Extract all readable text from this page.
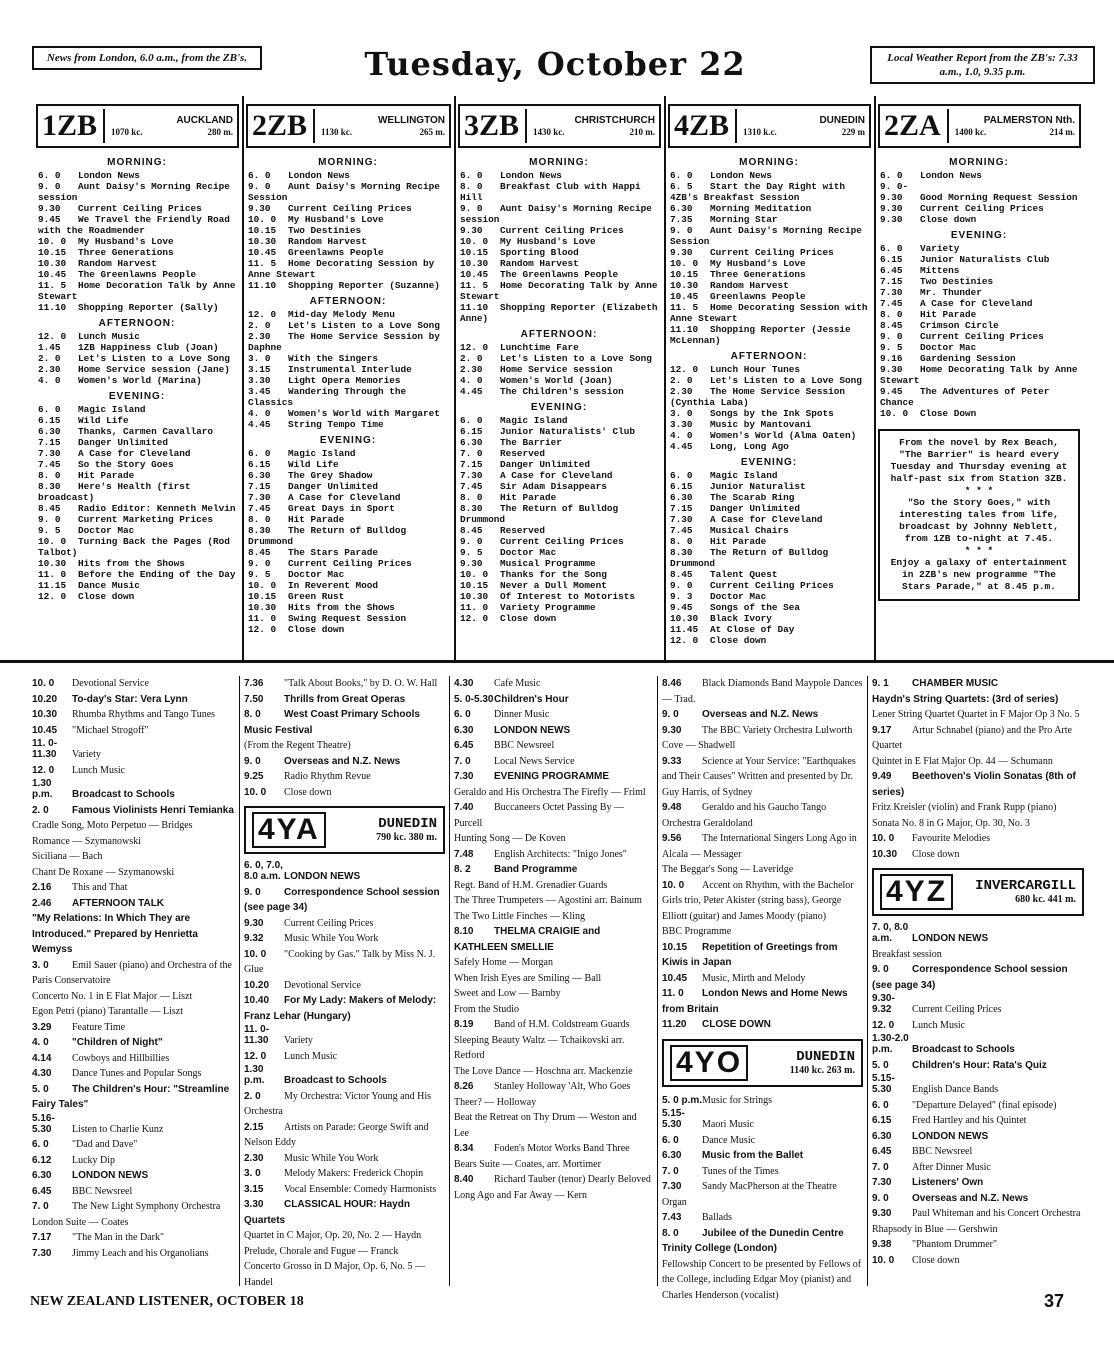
News from London, 6.0 a.m., from the ZB's.	Tuesday, October 22	Local Weather Report from the ZB's: 7.33 a.m., 1.0, 9.35 p.m.
1ZB	AUCKLAND
1070 kc.	280 m.
MORNING:

6. 0 London News

9. 0 Aunt Daisy's Morning Recipe session

9.30 Current Ceiling Prices

9.45 We Travel the Friendly Road with the Roadmender

10. 0 My Husband's Love

10.15 Three Generations

10.30 Random Harvest

10.45 The Greenlawns People

11. 5 Home Decoration Talk by Anne Stewart

11.10 Shopping Reporter (Sally)

AFTERNOON:

12. 0 Lunch Music

1.45 1ZB Happiness Club (Joan)

2. 0 Let's Listen to a Love Song

2.30 Home Service session (Jane)

4. 0 Women's World (Marina)

EVENING:

6. 0 Magic Island

6.15 Wild Life

6.30 Thanks, Carmen Cavallaro

7.15 Danger Unlimited

7.30 A Case for Cleveland

7.45 So the Story Goes

8. 0 Hit Parade

8.30 Here's Health (first broadcast)

8.45 Radio Editor: Kenneth Melvin

9. 0 Current Marketing Prices

9. 5 Doctor Mac

10. 0 Turning Back the Pages (Rod Talbot)

10.30 Hits from the Shows

11. 0 Before the Ending of the Day

11.15 Dance Music

12. 0 Close down

2ZB	WELLINGTON
1130 kc.	265 m.
MORNING:

6. 0 London News

9. 0 Aunt Daisy's Morning Recipe Session

9.30 Current Ceiling Prices

10. 0 My Husband's Love

10.15 Two Destinies

10.30 Random Harvest

10.45 Greenlawns People

11. 5 Home Decorating Session by Anne Stewart

11.10 Shopping Reporter (Suzanne)

AFTERNOON:

12. 0 Mid-day Melody Menu

2. 0 Let's Listen to a Love Song

2.30 The Home Service Session by Daphne

3. 0 With the Singers

3.15 Instrumental Interlude

3.30 Light Opera Memories

3.45 Wandering Through the Classics

4. 0 Women's World with Margaret

4.45 String Tempo Time

EVENING:

6. 0 Magic Island

6.15 Wild Life

6.30 The Grey Shadow

7.15 Danger Unlimited

7.30 A Case for Cleveland

7.45 Great Days in Sport

8. 0 Hit Parade

8.30 The Return of Bulldog Drummond

8.45 The Stars Parade

9. 0 Current Ceiling Prices

9. 5 Doctor Mac

10. 0 In Reverent Mood

10.15 Green Rust

10.30 Hits from the Shows

11. 0 Swing Request Session

12. 0 Close down

3ZB	CHRISTCHURCH
1430 kc.	210 m.
MORNING:

6. 0 London News

8. 0 Breakfast Club with Happi Hill

9. 0 Aunt Daisy's Morning Recipe session

9.30 Current Ceiling Prices

10. 0 My Husband's Love

10.15 Sporting Blood

10.30 Random Harvest

10.45 The Greenlawns People

11. 5 Home Decorating Talk by Anne Stewart

11.10 Shopping Reporter (Elizabeth Anne)

AFTERNOON:

12. 0 Lunchtime Fare

2. 0 Let's Listen to a Love Song

2.30 Home Service session

4. 0 Women's World (Joan)

4.45 The Children's session

EVENING:

6. 0 Magic Island

6.15 Junior Naturalists' Club

6.30 The Barrier

7. 0 Reserved

7.15 Danger Unlimited

7.30 A Case for Cleveland

7.45 Sir Adam Disappears

8. 0 Hit Parade

8.30 The Return of Bulldog Drummond

8.45 Reserved

9. 0 Current Ceiling Prices

9. 5 Doctor Mac

9.30 Musical Programme

10. 0 Thanks for the Song

10.15 Never a Dull Moment

10.30 Of Interest to Motorists

11. 0 Variety Programme

12. 0 Close down

4ZB	DUNEDIN
1310 k.c.	229 m
MORNING:

6. 0 London News

6. 5 Start the Day Right with 4ZB's Breakfast Session

6.30 Morning Meditation

7.35 Morning Star

9. 0 Aunt Daisy's Morning Recipe Session

9.30 Current Ceiling Prices

10. 0 My Husband's Love

10.15 Three Generations

10.30 Random Harvest

10.45 Greenlawns People

11. 5 Home Decorating Session with Anne Stewart

11.10 Shopping Reporter (Jessie McLennan)

AFTERNOON:

12. 0 Lunch Hour Tunes

2. 0 Let's Listen to a Love Song

2.30 The Home Service Session (Cynthia Laba)

3. 0 Songs by the Ink Spots

3.30 Music by Mantovani

4. 0 Women's World (Alma Oaten)

4.45 Long, Long Ago

EVENING:

6. 0 Magic Island

6.15 Junior Naturalist

6.30 The Scarab Ring

7.15 Danger Unlimited

7.30 A Case for Cleveland

7.45 Musical Chairs

8. 0 Hit Parade

8.30 The Return of Bulldog Drummond

8.45 Talent Quest

9. 0 Current Ceiling Prices

9. 3 Doctor Mac

9.45 Songs of the Sea

10.30 Black Ivory

11.45 At Close of Day

12. 0 Close down

2ZA	PALMERSTON Nth.
1400 kc.	214 m.
MORNING:

6. 0 London News

9. 0-9.30 Good Morning Request Session

9.30 Current Ceiling Prices

9.30 Close down

EVENING:

6. 0 Variety

6.15 Junior Naturalists Club

6.45 Mittens

7.15 Two Destinies

7.30 Mr. Thunder

7.45 A Case for Cleveland

8. 0 Hit Parade

8.45 Crimson Circle

9. 0 Current Ceiling Prices

9. 5 Doctor Mac

9.16 Gardening Session

9.30 Home Decorating Talk by Anne Stewart

9.45 The Adventures of Peter Chance

10. 0 Close Down

From the novel by Rex Beach, "The Barrier" is heard every Tuesday and Thursday evening at half-past six from Station 3ZB.
* * *
"So the Story Goes," with interesting tales from life, broadcast by Johnny Neblett, from 1ZB to-night at 7.45.
* * *
Enjoy a galaxy of entertainment in 2ZB's new programme "The Stars Parade," at 8.45 p.m.

10. 0 Devotional Service

10.20 To-day's Star: Vera Lynn

10.30 Rhumba Rhythms and Tango Tunes

10.45 "Michael Strogoff"

11. 0-11.30 Variety

12. 0 Lunch Music

1.30 p.m. Broadcast to Schools

2. 0 Famous Violinists Henri Temianka

Cradle Song, Moto Perpetuo — Bridges

Romance — Szymanowski

Siciliana — Bach

Chant De Roxane — Szymanowski

2.16 This and That

2.46 AFTERNOON TALK

"My Relations: In Which They are Introduced." Prepared by Henrietta Wemyss

3. 0 Emil Sauer (piano) and Orchestra of the Paris Conservatoire

Concerto No. 1 in E Flat Major — Liszt

Egon Petri (piano) Tarantalle — Liszt

3.29 Feature Time

4. 0 "Children of Night"

4.14 Cowboys and Hillbillies

4.30 Dance Tunes and Popular Songs

5. 0 The Children's Hour: "Streamline Fairy Tales"

5.16-5.30 Listen to Charlie Kunz

6. 0 "Dad and Dave"

6.12 Lucky Dip

6.30 LONDON NEWS

6.45 BBC Newsreel

7. 0 The New Light Symphony Orchestra

London Suite — Coates

7.17 "The Man in the Dark"

7.30 Jimmy Leach and his Organolians

7.36 "Talk About Books," by D. O. W. Hall

7.50 Thrills from Great Operas

8. 0 West Coast Primary Schools Music Festival

(From the Regent Theatre)

9. 0 Overseas and N.Z. News

9.25 Radio Rhythm Revue

10. 0 Close down

4YA	DUNEDIN
790 kc. 380 m.

6. 0, 7.0, 8.0 a.m. LONDON NEWS

9. 0 Correspondence School session (see page 34)

9.30 Current Ceiling Prices

9.32 Music While You Work

10. 0 "Cooking by Gas." Talk by Miss N. J. Glue

10.20 Devotional Service

10.40 For My Lady: Makers of Melody: Franz Lehar (Hungary)

11. 0-11.30 Variety

12. 0 Lunch Music

1.30 p.m. Broadcast to Schools

2. 0 My Orchestra: Victor Young and His Orchestra

2.15 Artists on Parade: George Swift and Nelson Eddy

2.30 Music While You Work

3. 0 Melody Makers: Frederick Chopin

3.15 Vocal Ensemble: Comedy Harmonists

3.30 CLASSICAL HOUR: Haydn Quartets

Quartet in C Major, Op. 20, No. 2 — Haydn

Prelude, Chorale and Fugue — Franck

Concerto Grosso in D Major, Op. 6, No. 5 — Handel

4.30 Cafe Music

5. 0-5.30Children's Hour

6. 0 Dinner Music

6.30 LONDON NEWS

6.45 BBC Newsreel

7. 0 Local News Service

7.30 EVENING PROGRAMME

Geraldo and His Orchestra The Firefly — Friml

7.40 Buccaneers Octet Passing By — Purcell

Hunting Song — De Koven

7.48 English Architects: "Inigo Jones"

8. 2 Band Programme

Regt. Band of H.M. Grenadier Guards

The Three Trumpeters — Agostini arr. Bainum

The Two Little Finches — Kling

8.10 THELMA CRAIGIE and KATHLEEN SMELLIE

Safely Home — Morgan

When Irish Eyes are Smiling — Ball

Sweet and Low — Barnby

From the Studio

8.19 Band of H.M. Coldstream Guards

Sleeping Beauty Waltz — Tchaikovski arr. Retford

The Love Dance — Hoschna arr. Mackenzie

8.26 Stanley Holloway 'Alt, Who Goes Theer? — Holloway

Beat the Retreat on Thy Drum — Weston and Lee

8.34 Foden's Motor Works Band Three Bears Suite — Coates, arr. Mortimer

8.40 Richard Tauber (tenor) Dearly Beloved

Long Ago and Far Away — Kern

8.46 Black Diamonds Band Maypole Dances — Trad.

9. 0 Overseas and N.Z. News

9.30 The BBC Variety Orchestra Lulworth Cove — Shadwell

9.33 Science at Your Service: "Earthquakes and Their Causes" Written and presented by Dr. Guy Harris, of Sydney

9.48 Geraldo and his Gaucho Tango Orchestra Geraldoland

9.56 The International Singers Long Ago in Alcala — Messager

The Beggar's Song — Laveridge

10. 0 Accent on Rhythm, with the Bachelor Girls trio, Peter Akister (string bass), George Elliott (guitar) and James Moody (piano)

BBC Programme

10.15 Repetition of Greetings from Kiwis in Japan

10.45 Music, Mirth and Melody

11. 0 London News and Home News from Britain

11.20 CLOSE DOWN

4YO	DUNEDIN
1140 kc. 263 m.

5. 0 p.m.Music for Strings

5.15-5.30 Maori Music

6. 0 Dance Music

6.30 Music from the Ballet

7. 0 Tunes of the Times

7.30 Sandy MacPherson at the Theatre Organ

7.43 Ballads

8. 0 Jubilee of the Dunedin Centre Trinity College (London)

Fellowship Concert to be presented by Fellows of the College, including Edgar Moy (pianist) and Charles Henderson (vocalist)

9. 1 CHAMBER MUSIC

Haydn's String Quartets: (3rd of series)

Lener String Quartet Quartet in F Major Op 3 No. 5

9.17 Artur Schnabel (piano) and the Pro Arte Quartet

Quintet in E Flat Major Op. 44 — Schumann

9.49 Beethoven's Violin Sonatas (8th of series)

Fritz Kreisler (violin) and Frank Rupp (piano)

Sonata No. 8 in G Major, Op. 30, No. 3

10. 0 Favourite Melodies

10.30 Close down

4YZ	INVERCARGILL
680 kc. 441 m.

7. 0, 8.0 a.m. LONDON NEWS

Breakfast session

9. 0 Correspondence School session (see page 34)

9.30-9.32 Current Ceiling Prices

12. 0 Lunch Music

1.30-2.0 p.m. Broadcast to Schools

5. 0 Children's Hour: Rata's Quiz

5.15-5.30 English Dance Bands

6. 0 "Departure Delayed" (final episode)

6.15 Fred Hartley and his Quintet

6.30 LONDON NEWS

6.45 BBC Newsreel

7. 0 After Dinner Music

7.30 Listeners' Own

9. 0 Overseas and N.Z. News

9.30 Paul Whiteman and his Concert Orchestra Rhapsody in Blue — Gershwin

9.38 "Phantom Drummer"

10. 0 Close down

NEW ZEALAND LISTENER, OCTOBER 18	37
